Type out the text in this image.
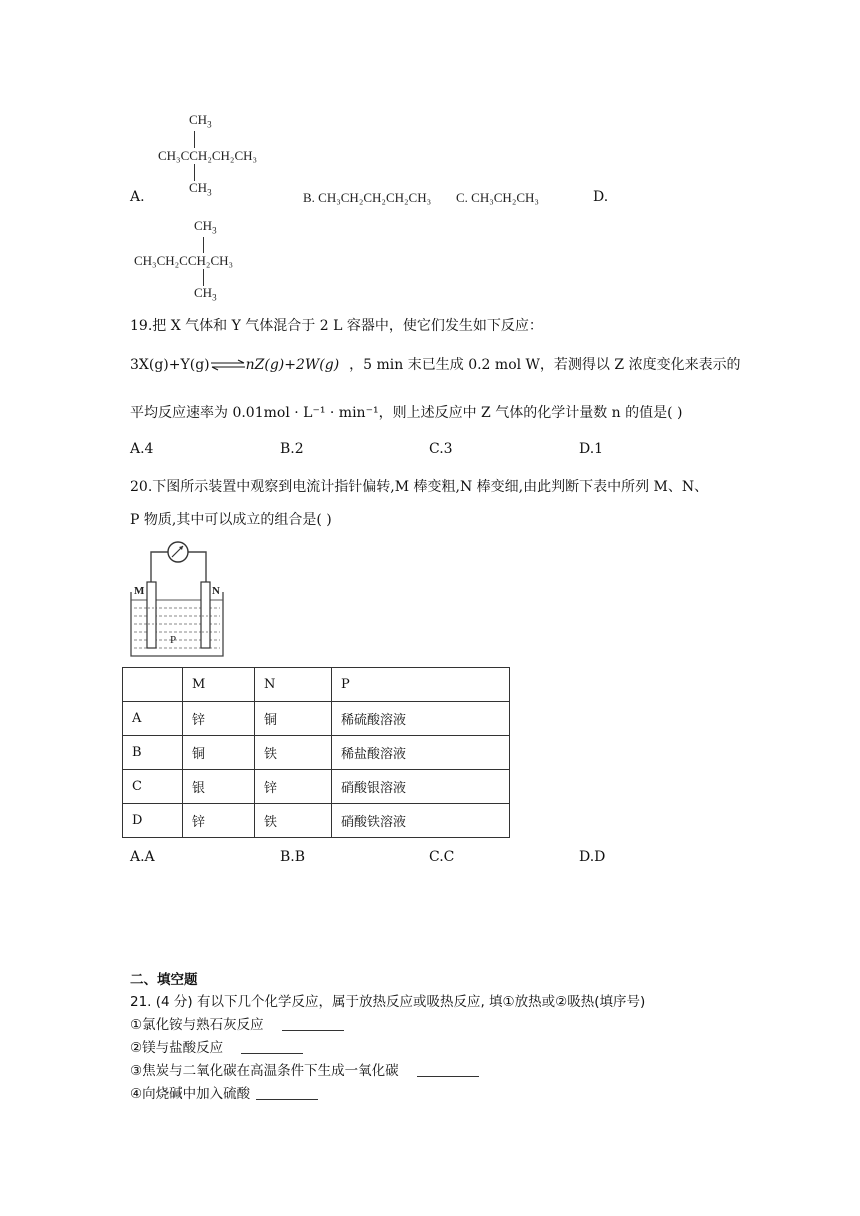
$CH_3$
CH₃CCH₂CH₂CH₃
$CH_3$
A.	B. CH₃CH₂CH₂CH₂CH₃ C. CH₃CH₂CH₃	D.
$CH_3$
CH₃CH₂CCH₂CH₃
$CH_3$
19.把 X 气体和 Y 气体混合于 2 L 容器中，使它们发生如下反应：
3X(g)+Y(g)⇌nZ(g)+2W(g) ，5 min 末已生成 0.2 mol W，若测得以 Z 浓度变化来表示的
平均反应速率为 0.01mol · L⁻¹ · min⁻¹，则上述反应中 Z 气体的化学计量数 n 的值是( )
A.4	B.2	C.3	D.1
20.下图所示装置中观察到电流计指针偏转,M 棒变粗,N 棒变细,由此判断下表中所列 M、N、
P 物质,其中可以成立的组合是( )
M	N
P
	M	N	P
A	锌	铜	稀硫酸溶液
B	铜	铁	稀盐酸溶液
C	银	锌	硝酸银溶液
D	锌	铁	硝酸铁溶液
A.A	B.B	C.C	D.D
二、填空题
21. (4 分) 有以下几个化学反应，属于放热反应或吸热反应, 填①放热或②吸热(填序号)
①氯化铵与熟石灰反应
②镁与盐酸反应
③焦炭与二氧化碳在高温条件下生成一氧化碳
④向烧碱中加入硫酸
